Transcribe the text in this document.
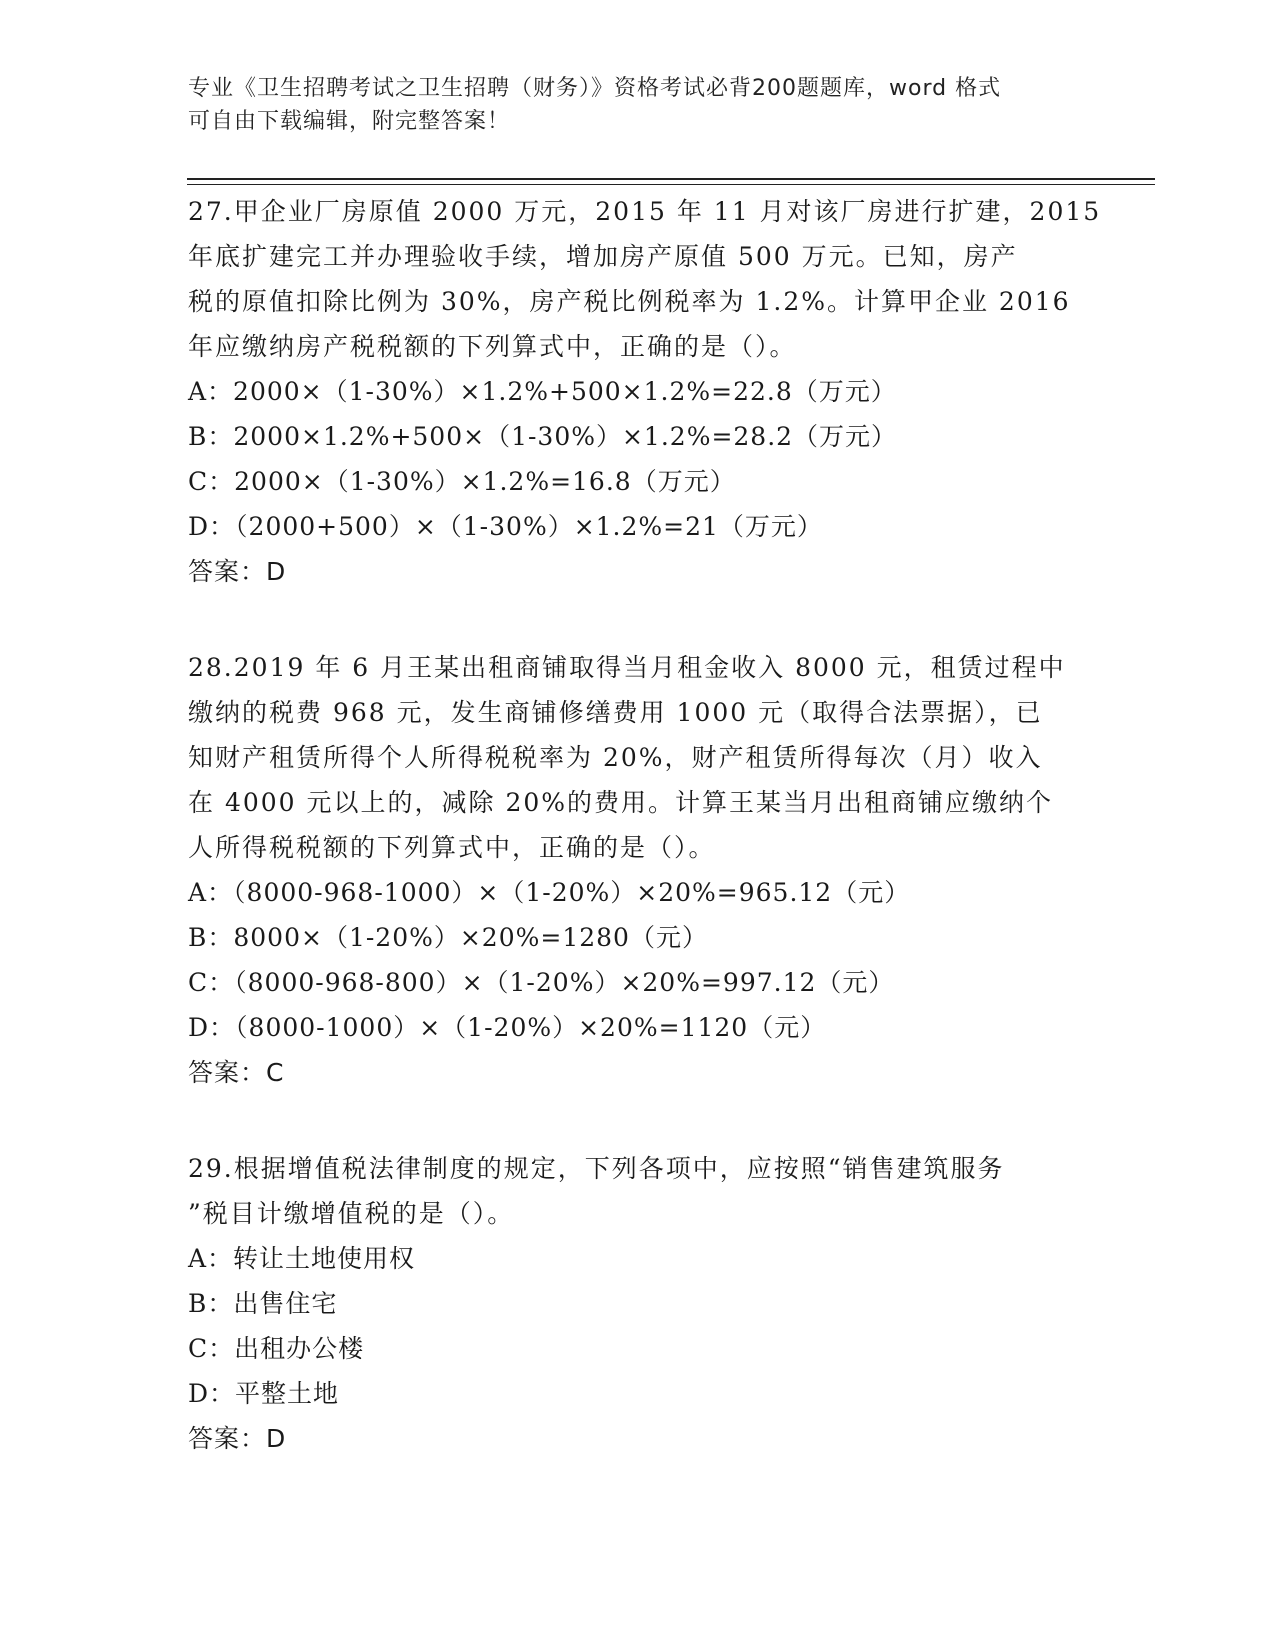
专业《卫生招聘考试之卫生招聘（财务）》资格考试必背200题题库，word 格式
可自由下载编辑，附完整答案！
27.甲企业厂房原值 2000 万元，2015 年 11 月对该厂房进行扩建，2015
年底扩建完工并办理验收手续，增加房产原值 500 万元。已知，房产
税的原值扣除比例为 30%，房产税比例税率为 1.2%。计算甲企业 2016
年应缴纳房产税税额的下列算式中，正确的是（）。
A：2000×（1-30%）×1.2%+500×1.2%=22.8（万元）
B：2000×1.2%+500×（1-30%）×1.2%=28.2（万元）
C：2000×（1-30%）×1.2%=16.8（万元）
D：（2000+500）×（1-30%）×1.2%=21（万元）
答案：D
28.2019 年 6 月王某出租商铺取得当月租金收入 8000 元，租赁过程中
缴纳的税费 968 元，发生商铺修缮费用 1000 元（取得合法票据），已
知财产租赁所得个人所得税税率为 20%，财产租赁所得每次（月）收入
在 4000 元以上的，减除 20%的费用。计算王某当月出租商铺应缴纳个
人所得税税额的下列算式中，正确的是（）。
A：（8000-968-1000）×（1-20%）×20%=965.12（元）
B：8000×（1-20%）×20%=1280（元）
C：（8000-968-800）×（1-20%）×20%=997.12（元）
D：（8000-1000）×（1-20%）×20%=1120（元）
答案：C
29.根据增值税法律制度的规定，下列各项中，应按照“销售建筑服务
”税目计缴增值税的是（）。
A：转让土地使用权
B：出售住宅
C：出租办公楼
D：平整土地
答案：D
